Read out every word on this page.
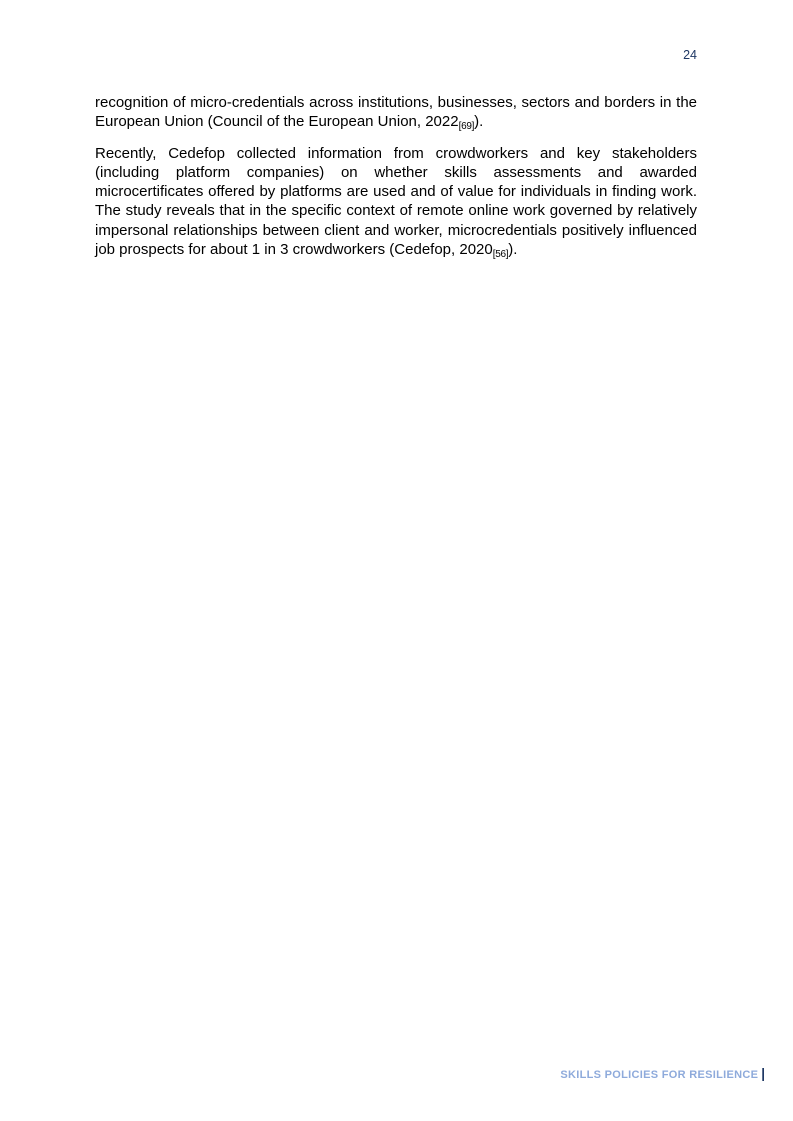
24

recognition of micro-credentials across institutions, businesses, sectors and borders in the European Union (Council of the European Union, $2022_{[69]}$).

Recently, Cedefop collected information from crowdworkers and key stakeholders (including platform companies) on whether skills assessments and awarded microcertificates offered by platforms are used and of value for individuals in finding work. The study reveals that in the specific context of remote online work governed by relatively impersonal relationships between client and worker, microcredentials positively influenced job prospects for about 1 in 3 crowdworkers (Cedefop, $2020_{[56]}$).

SKILLS POLICIES FOR RESILIENCE |
